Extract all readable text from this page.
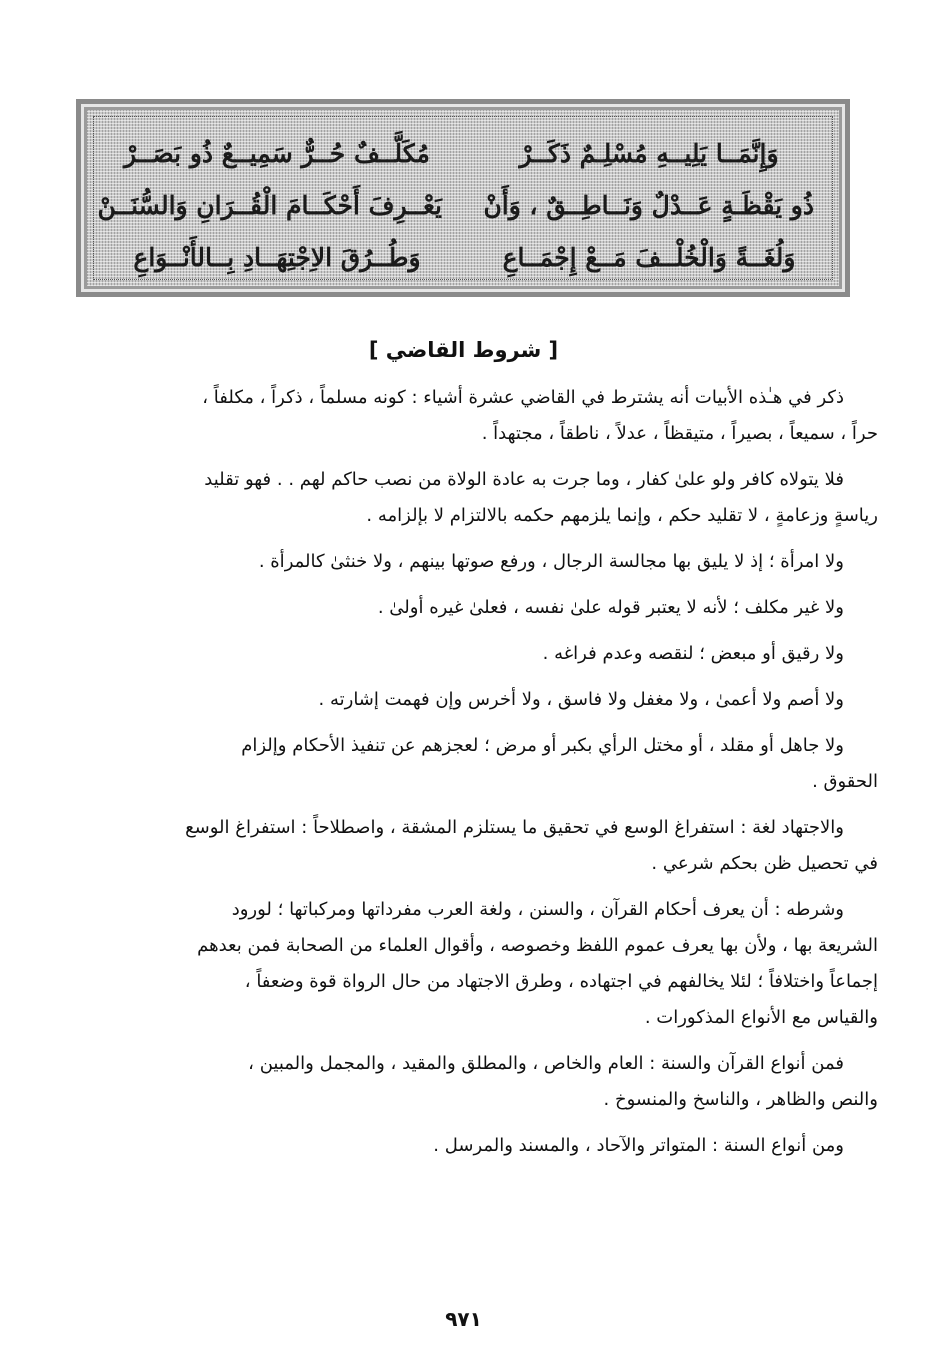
وَإِنَّمَــا يَلِيــهِ مُسْلِـمٌ ذَكَــرْ
مُكَلَّــفٌ حُــرٌّ سَمِيــعٌ ذُو بَصَــرْ
ذُو يَقْظَـةٍ عَــدْلٌ وَنَــاطِــقٌ ، وَأَنْ
يَعْــرِفَ أَحْكَــامَ الْقُــرَانِ وَالسُّنَــنْ
وَلُغَــةً وَالْخُلْــفَ مَــعْ إِجْمَــاعِ
وَطُــرُقَ الاِجْتِهَــادِ بِــالأَنْــوَاعِ
[ شروط القاضي ]

ذكر في هـٰذه الأبيات أنه يشترط في القاضي عشرة أشياء : كونه مسلماً ، ذكراً ، مكلفاً ،
حراً ، سميعاً ، بصيراً ، متيقظاً ، عدلاً ، ناطقاً ، مجتهداً .

فلا يتولاه كافر ولو علىٰ كفار ، وما جرت به عادة الولاة من نصب حاكم لهم . . فهو تقليد
رياسةٍ وزعامةٍ ، لا تقليد حكم ، وإنما يلزمهم حكمه بالالتزام لا بإلزامه .

ولا امرأة ؛ إذ لا يليق بها مجالسة الرجال ، ورفع صوتها بينهم ، ولا خنثىٰ كالمرأة .

ولا غير مكلف ؛ لأنه لا يعتبر قوله علىٰ نفسه ، فعلىٰ غيره أولىٰ .

ولا رقيق أو مبعض ؛ لنقصه وعدم فراغه .

ولا أصم ولا أعمىٰ ، ولا مغفل ولا فاسق ، ولا أخرس وإن فهمت إشارته .

ولا جاهل أو مقلد ، أو مختل الرأي بكبر أو مرض ؛ لعجزهم عن تنفيذ الأحكام وإلزام
الحقوق .

والاجتهاد لغة : استفراغ الوسع في تحقيق ما يستلزم المشقة ، واصطلاحاً : استفراغ الوسع
في تحصيل ظن بحكم شرعي .

وشرطه : أن يعرف أحكام القرآن ، والسنن ، ولغة العرب مفرداتها ومركباتها ؛ لورود
الشريعة بها ، ولأن بها يعرف عموم اللفظ وخصوصه ، وأقوال العلماء من الصحابة فمن بعدهم
إجماعاً واختلافاً ؛ لئلا يخالفهم في اجتهاده ، وطرق الاجتهاد من حال الرواة قوة وضعفاً ،
والقياس مع الأنواع المذكورات .

فمن أنواع القرآن والسنة : العام والخاص ، والمطلق والمقيد ، والمجمل والمبين ،
والنص والظاهر ، والناسخ والمنسوخ .

ومن أنواع السنة : المتواتر والآحاد ، والمسند والمرسل .

٩٧١
